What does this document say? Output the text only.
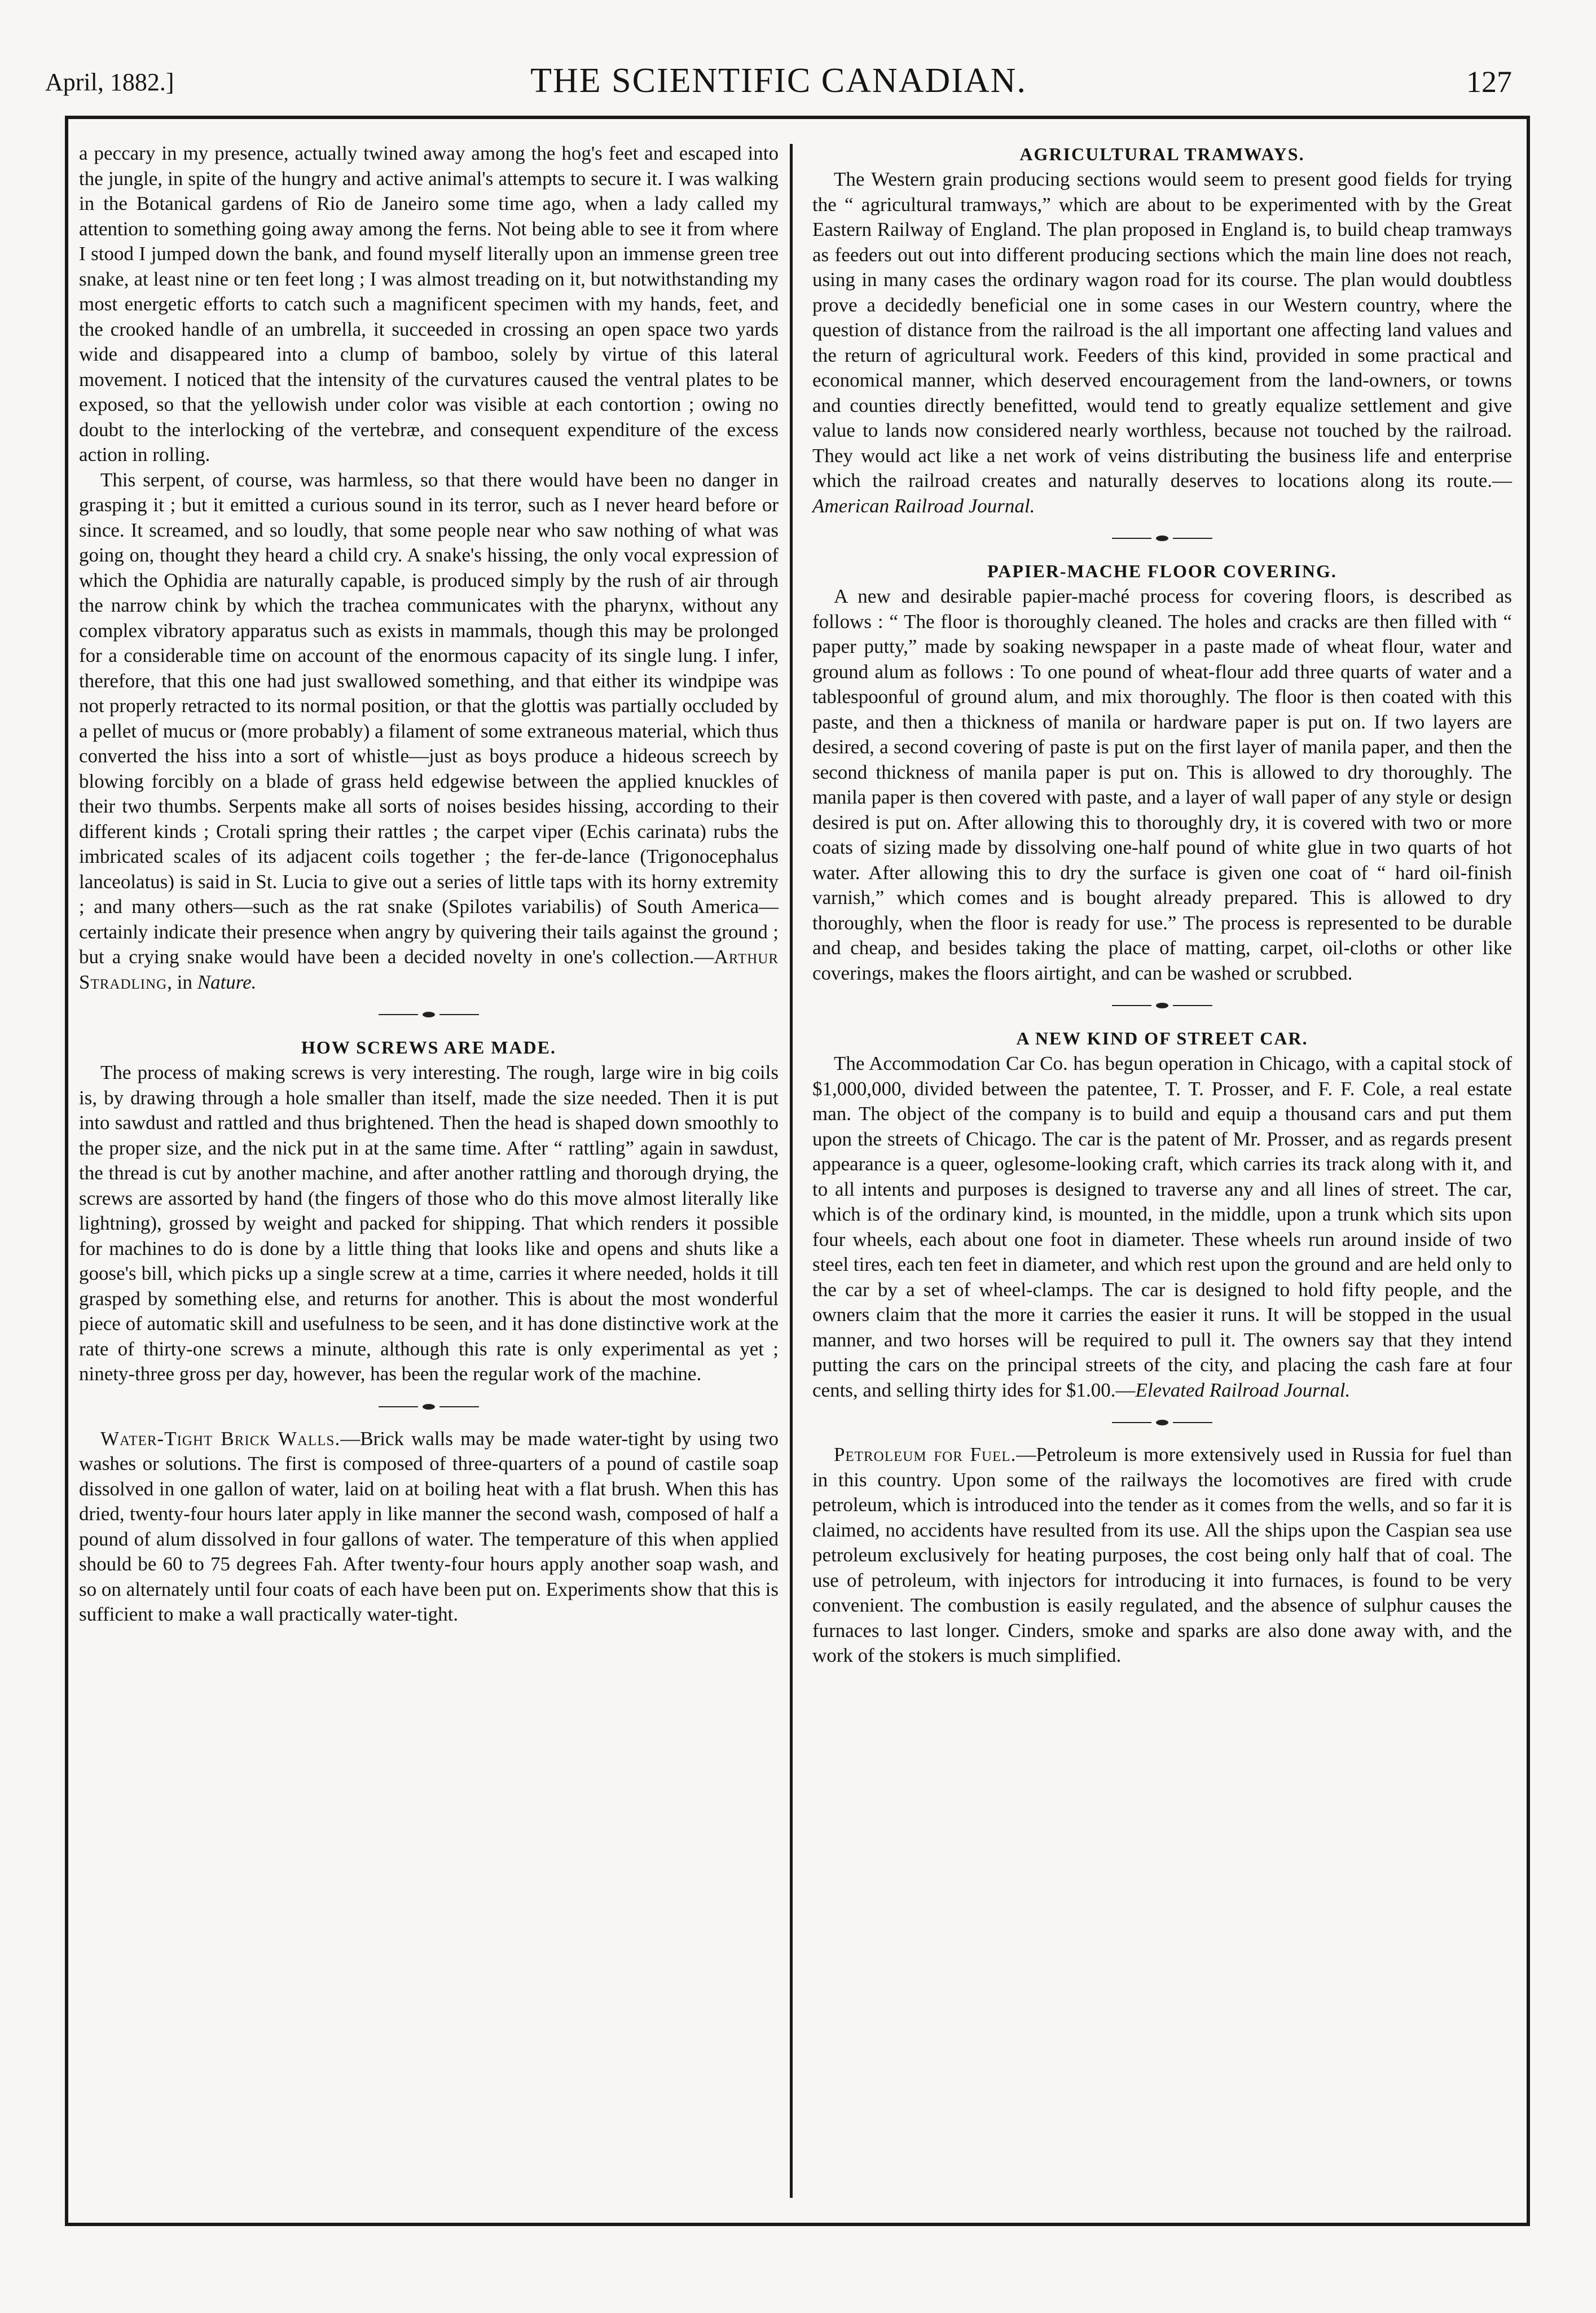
April, 1882.]	THE SCIENTIFIC CANADIAN.	127

a peccary in my presence, actually twined away among the hog's feet and escaped into the jungle, in spite of the hungry and active animal's attempts to secure it. I was walking in the Botanical gardens of Rio de Janeiro some time ago, when a lady called my attention to something going away among the ferns. Not being able to see it from where I stood I jumped down the bank, and found myself literally upon an immense green tree snake, at least nine or ten feet long ; I was almost treading on it, but notwithstanding my most energetic efforts to catch such a magnificent specimen with my hands, feet, and the crooked handle of an umbrella, it succeeded in crossing an open space two yards wide and disappeared into a clump of bamboo, solely by virtue of this lateral movement. I noticed that the intensity of the curvatures caused the ventral plates to be exposed, so that the yellowish under color was visible at each contortion ; owing no doubt to the interlocking of the vertebræ, and consequent expenditure of the excess action in rolling.

This serpent, of course, was harmless, so that there would have been no danger in grasping it ; but it emitted a curious sound in its terror, such as I never heard before or since. It screamed, and so loudly, that some people near who saw nothing of what was going on, thought they heard a child cry. A snake's hissing, the only vocal expression of which the Ophidia are naturally capable, is produced simply by the rush of air through the narrow chink by which the trachea communicates with the pharynx, without any complex vibratory apparatus such as exists in mammals, though this may be prolonged for a considerable time on account of the enormous capacity of its single lung. I infer, therefore, that this one had just swallowed something, and that either its windpipe was not properly retracted to its normal position, or that the glottis was partially occluded by a pellet of mucus or (more probably) a filament of some extraneous material, which thus converted the hiss into a sort of whistle—just as boys produce a hideous screech by blowing forcibly on a blade of grass held edgewise between the applied knuckles of their two thumbs. Serpents make all sorts of noises besides hissing, according to their different kinds ; Crotali spring their rattles ; the carpet viper (Echis carinata) rubs the imbricated scales of its adjacent coils together ; the fer-de-lance (Trigonocephalus lanceolatus) is said in St. Lucia to give out a series of little taps with its horny extremity ; and many others—such as the rat snake (Spilotes variabilis) of South America—certainly indicate their presence when angry by quivering their tails against the ground ; but a crying snake would have been a decided novelty in one's collection.—Arthur Stradling, in Nature.

HOW SCREWS ARE MADE.

The process of making screws is very interesting. The rough, large wire in big coils is, by drawing through a hole smaller than itself, made the size needed. Then it is put into sawdust and rattled and thus brightened. Then the head is shaped down smoothly to the proper size, and the nick put in at the same time. After “ rattling” again in sawdust, the thread is cut by another machine, and after another rattling and thorough drying, the screws are assorted by hand (the fingers of those who do this move almost literally like lightning), grossed by weight and packed for shipping. That which renders it possible for machines to do is done by a little thing that looks like and opens and shuts like a goose's bill, which picks up a single screw at a time, carries it where needed, holds it till grasped by something else, and returns for another. This is about the most wonderful piece of automatic skill and usefulness to be seen, and it has done distinctive work at the rate of thirty-one screws a minute, although this rate is only experimental as yet ; ninety-three gross per day, however, has been the regular work of the machine.

Water-Tight Brick Walls.—Brick walls may be made water-tight by using two washes or solutions. The first is composed of three-quarters of a pound of castile soap dissolved in one gallon of water, laid on at boiling heat with a flat brush. When this has dried, twenty-four hours later apply in like manner the second wash, composed of half a pound of alum dissolved in four gallons of water. The temperature of this when applied should be 60 to 75 degrees Fah. After twenty-four hours apply another soap wash, and so on alternately until four coats of each have been put on. Experiments show that this is sufficient to make a wall practically water-tight.

AGRICULTURAL TRAMWAYS.

The Western grain producing sections would seem to present good fields for trying the “ agricultural tramways,” which are about to be experimented with by the Great Eastern Railway of England. The plan proposed in England is, to build cheap tramways as feeders out out into different producing sections which the main line does not reach, using in many cases the ordinary wagon road for its course. The plan would doubtless prove a decidedly beneficial one in some cases in our Western country, where the question of distance from the railroad is the all important one affecting land values and the return of agricultural work. Feeders of this kind, provided in some practical and economical manner, which deserved encouragement from the land-owners, or towns and counties directly benefitted, would tend to greatly equalize settlement and give value to lands now considered nearly worthless, because not touched by the railroad. They would act like a net work of veins distributing the business life and enterprise which the railroad creates and naturally deserves to locations along its route.—American Railroad Journal.

PAPIER-MACHE FLOOR COVERING.

A new and desirable papier-maché process for covering floors, is described as follows : “ The floor is thoroughly cleaned. The holes and cracks are then filled with “ paper putty,” made by soaking newspaper in a paste made of wheat flour, water and ground alum as follows : To one pound of wheat-flour add three quarts of water and a tablespoonful of ground alum, and mix thoroughly. The floor is then coated with this paste, and then a thickness of manila or hardware paper is put on. If two layers are desired, a second covering of paste is put on the first layer of manila paper, and then the second thickness of manila paper is put on. This is allowed to dry thoroughly. The manila paper is then covered with paste, and a layer of wall paper of any style or design desired is put on. After allowing this to thoroughly dry, it is covered with two or more coats of sizing made by dissolving one-half pound of white glue in two quarts of hot water. After allowing this to dry the surface is given one coat of “ hard oil-finish varnish,” which comes and is bought already prepared. This is allowed to dry thoroughly, when the floor is ready for use.” The process is represented to be durable and cheap, and besides taking the place of matting, carpet, oil-cloths or other like coverings, makes the floors airtight, and can be washed or scrubbed.

A NEW KIND OF STREET CAR.

The Accommodation Car Co. has begun operation in Chicago, with a capital stock of $1,000,000, divided between the patentee, T. T. Prosser, and F. F. Cole, a real estate man. The object of the company is to build and equip a thousand cars and put them upon the streets of Chicago. The car is the patent of Mr. Prosser, and as regards present appearance is a queer, oglesome-looking craft, which carries its track along with it, and to all intents and purposes is designed to traverse any and all lines of street. The car, which is of the ordinary kind, is mounted, in the middle, upon a trunk which sits upon four wheels, each about one foot in diameter. These wheels run around inside of two steel tires, each ten feet in diameter, and which rest upon the ground and are held only to the car by a set of wheel-clamps. The car is designed to hold fifty people, and the owners claim that the more it carries the easier it runs. It will be stopped in the usual manner, and two horses will be required to pull it. The owners say that they intend putting the cars on the principal streets of the city, and placing the cash fare at four cents, and selling thirty ides for $1.00.—Elevated Railroad Journal.

Petroleum for Fuel.—Petroleum is more extensively used in Russia for fuel than in this country. Upon some of the railways the locomotives are fired with crude petroleum, which is introduced into the tender as it comes from the wells, and so far it is claimed, no accidents have resulted from its use. All the ships upon the Caspian sea use petroleum exclusively for heating purposes, the cost being only half that of coal. The use of petroleum, with injectors for introducing it into furnaces, is found to be very convenient. The combustion is easily regulated, and the absence of sulphur causes the furnaces to last longer. Cinders, smoke and sparks are also done away with, and the work of the stokers is much simplified.
